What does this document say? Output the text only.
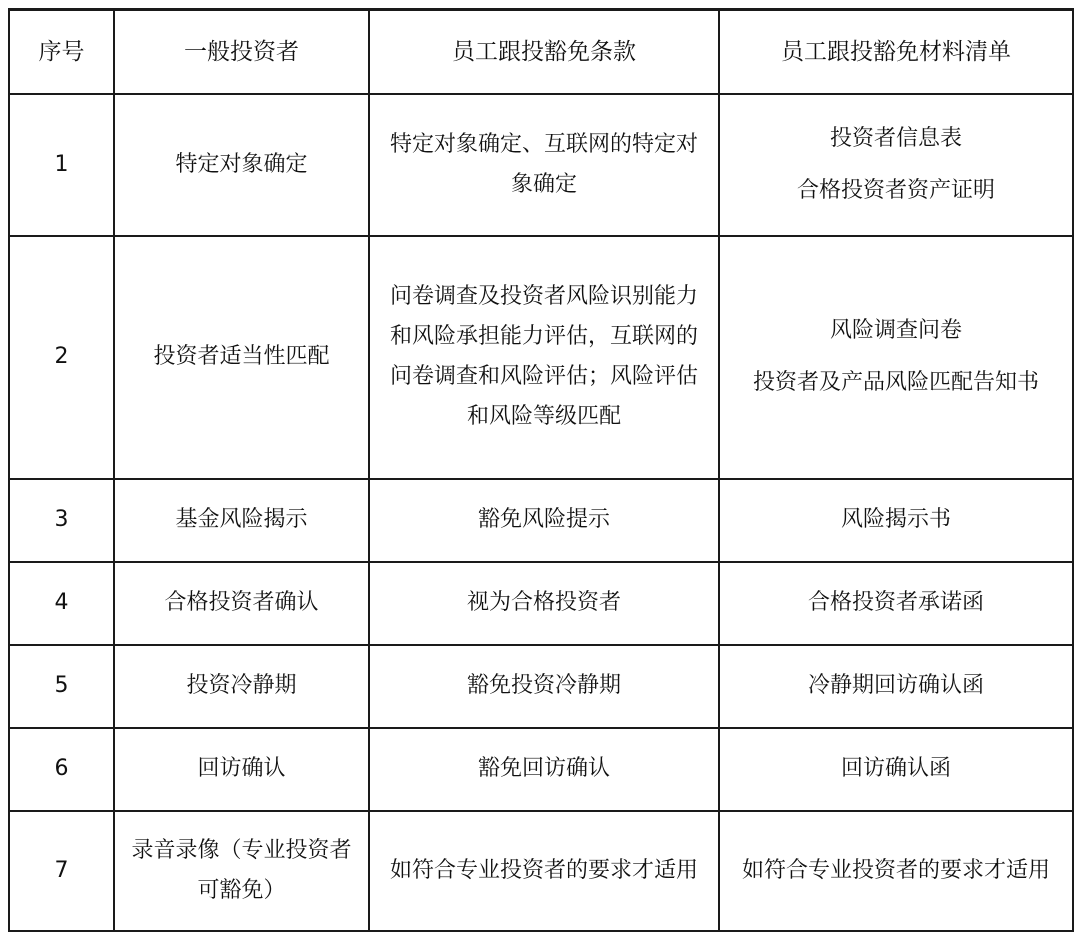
序号	一般投资者	员工跟投豁免条款	员工跟投豁免材料清单
1	特定对象确定	特定对象确定、互联网的特定对象确定	投资者信息表
合格投资者资产证明

2	投资者适当性匹配	问卷调查及投资者风险识别能力和风险承担能力评估，互联网的问卷调查和风险评估；风险评估和风险等级匹配	风险调查问卷
投资者及产品风险匹配告知书

3	基金风险揭示	豁免风险提示	风险揭示书

4	合格投资者确认	视为合格投资者	合格投资者承诺函

5	投资冷静期	豁免投资冷静期	冷静期回访确认函

6	回访确认	豁免回访确认	回访确认函

7	录音录像（专业投资者可豁免）	如符合专业投资者的要求才适用	如符合专业投资者的要求才适用
